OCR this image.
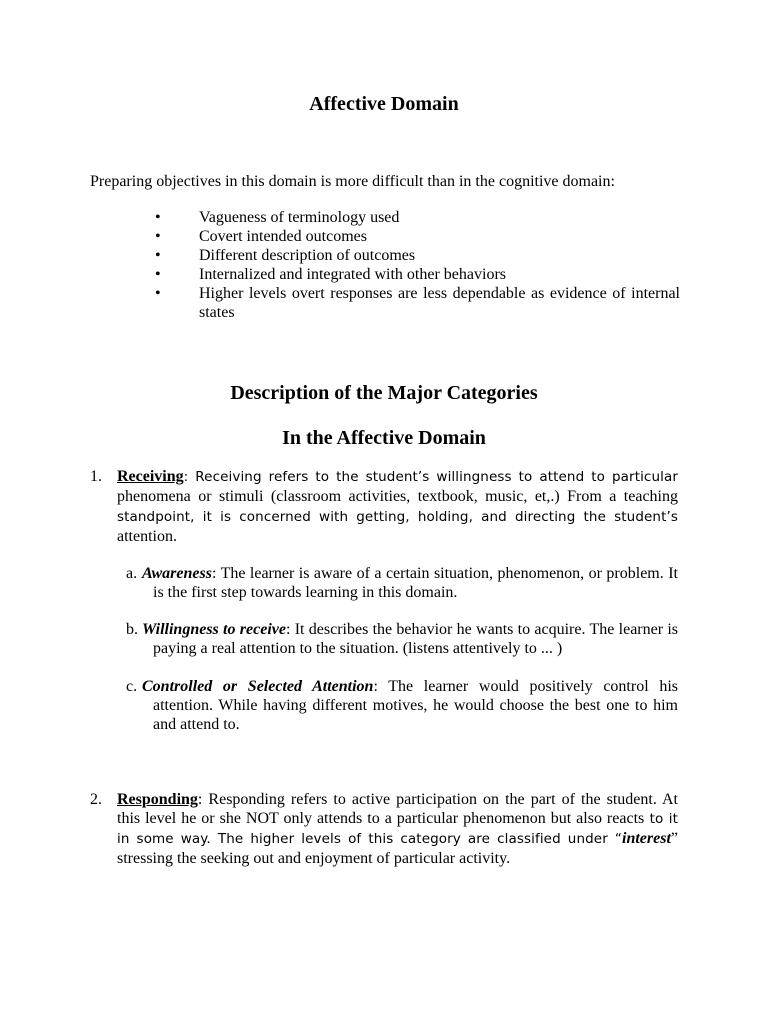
Affective Domain
Preparing objectives in this domain is more difficult than in the cognitive domain:
• Vagueness of terminology used
• Covert intended outcomes
• Different description of outcomes
• Internalized and integrated with other behaviors
• Higher levels overt responses are less dependable as evidence of internal states
Description of the Major Categories
In the Affective Domain
1. Receiving: Receiving refers to the student’s willingness to attend to particular phenomena or stimuli (classroom activities, textbook, music, et,.) From a teaching standpoint, it is concerned with getting, holding, and directing the student’s attention.
a. Awareness: The learner is aware of a certain situation, phenomenon, or problem. It is the first step towards learning in this domain.
b. Willingness to receive: It describes the behavior he wants to acquire. The learner is paying a real attention to the situation. (listens attentively to ... )
c. Controlled or Selected Attention: The learner would positively control his attention. While having different motives, he would choose the best one to him and attend to.
2. Responding: Responding refers to active participation on the part of the student. At this level he or she NOT only attends to a particular phenomenon but also reacts to it in some way. The higher levels of this category are classified under “interest” stressing the seeking out and enjoyment of particular activity.
